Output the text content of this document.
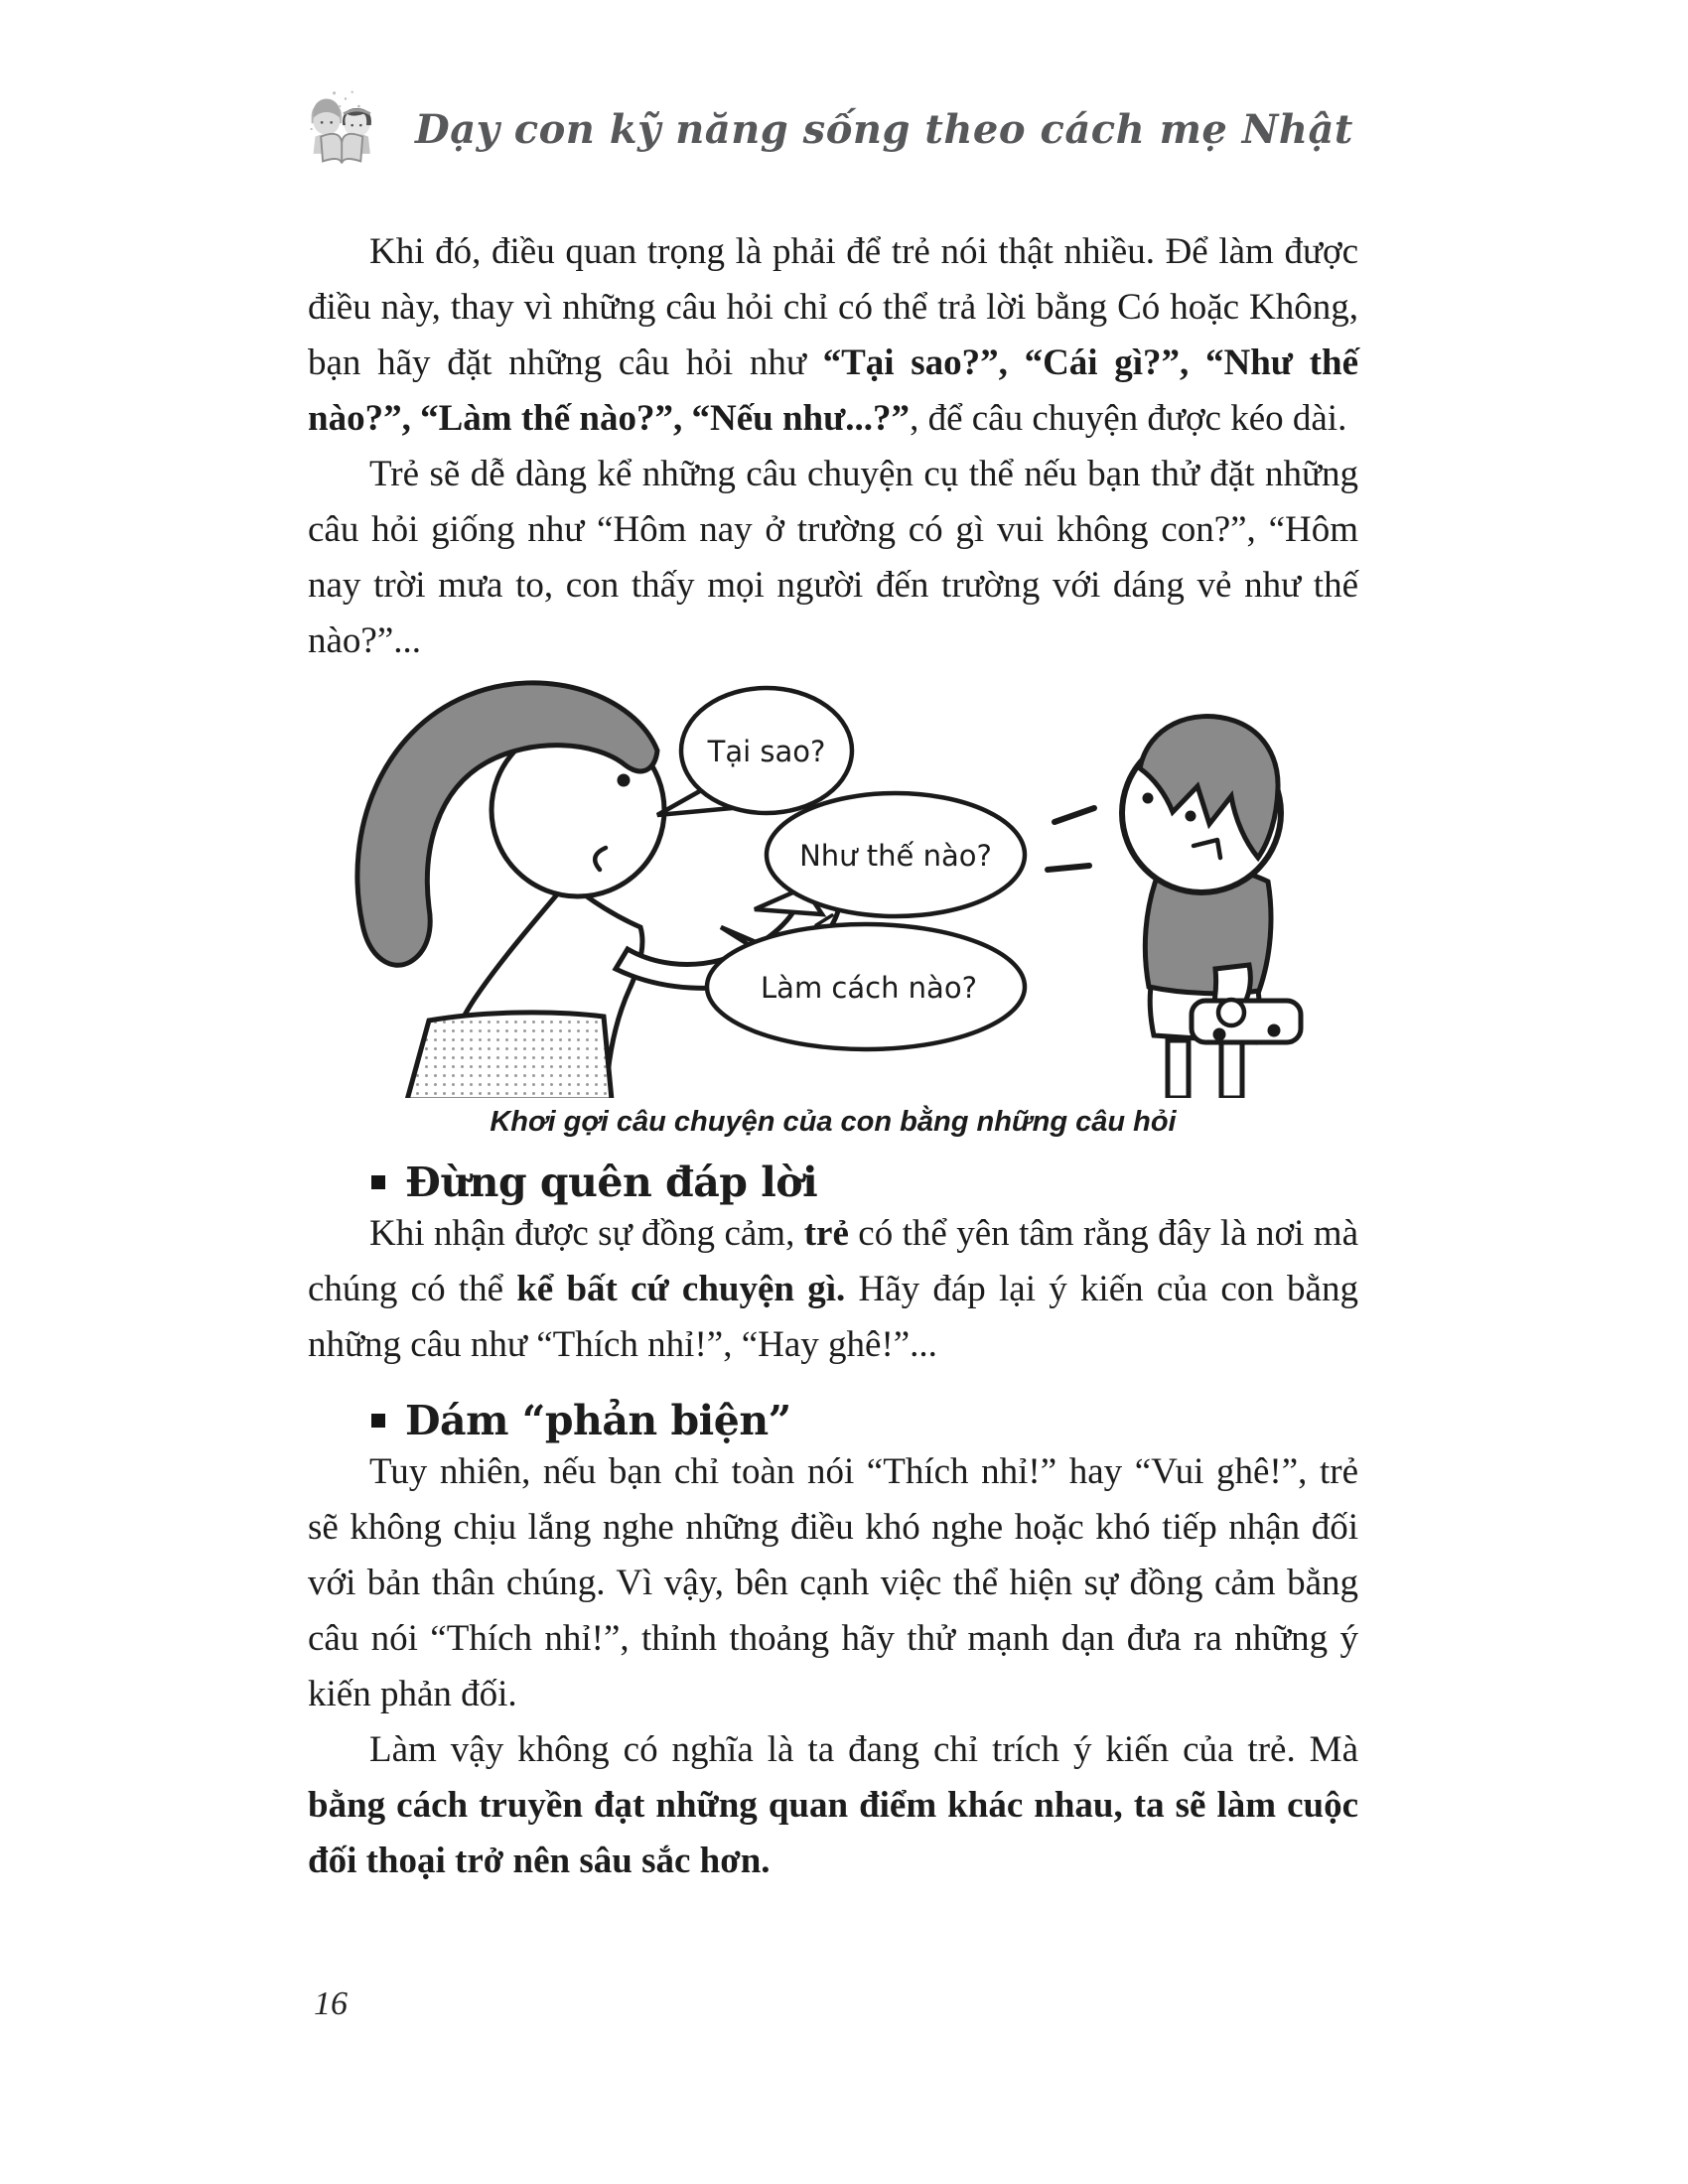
Dạy con kỹ năng sống theo cách mẹ Nhật

Khi đó, điều quan trọng là phải để trẻ nói thật nhiều. Để làm được điều này, thay vì những câu hỏi chỉ có thể trả lời bằng Có hoặc Không, bạn hãy đặt những câu hỏi như “Tại sao?”, “Cái gì?”, “Như thế nào?”, “Làm thế nào?”, “Nếu như...?”, để câu chuyện được kéo dài.

Trẻ sẽ dễ dàng kể những câu chuyện cụ thể nếu bạn thử đặt những câu hỏi giống như “Hôm nay ở trường có gì vui không con?”, “Hôm nay trời mưa to, con thấy mọi người đến trường với dáng vẻ như thế nào?”...

Tại sao?
Như thế nào?
Làm cách nào?
Khơi gợi câu chuyện của con bằng những câu hỏi
Đừng quên đáp lời

Khi nhận được sự đồng cảm, trẻ có thể yên tâm rằng đây là nơi mà chúng có thể kể bất cứ chuyện gì. Hãy đáp lại ý kiến của con bằng những câu như “Thích nhỉ!”, “Hay ghê!”...

Dám “phản biện”

Tuy nhiên, nếu bạn chỉ toàn nói “Thích nhỉ!” hay “Vui ghê!”, trẻ sẽ không chịu lắng nghe những điều khó nghe hoặc khó tiếp nhận đối với bản thân chúng. Vì vậy, bên cạnh việc thể hiện sự đồng cảm bằng câu nói “Thích nhỉ!”, thỉnh thoảng hãy thử mạnh dạn đưa ra những ý kiến phản đối.

Làm vậy không có nghĩa là ta đang chỉ trích ý kiến của trẻ. Mà bằng cách truyền đạt những quan điểm khác nhau, ta sẽ làm cuộc đối thoại trở nên sâu sắc hơn.

16
